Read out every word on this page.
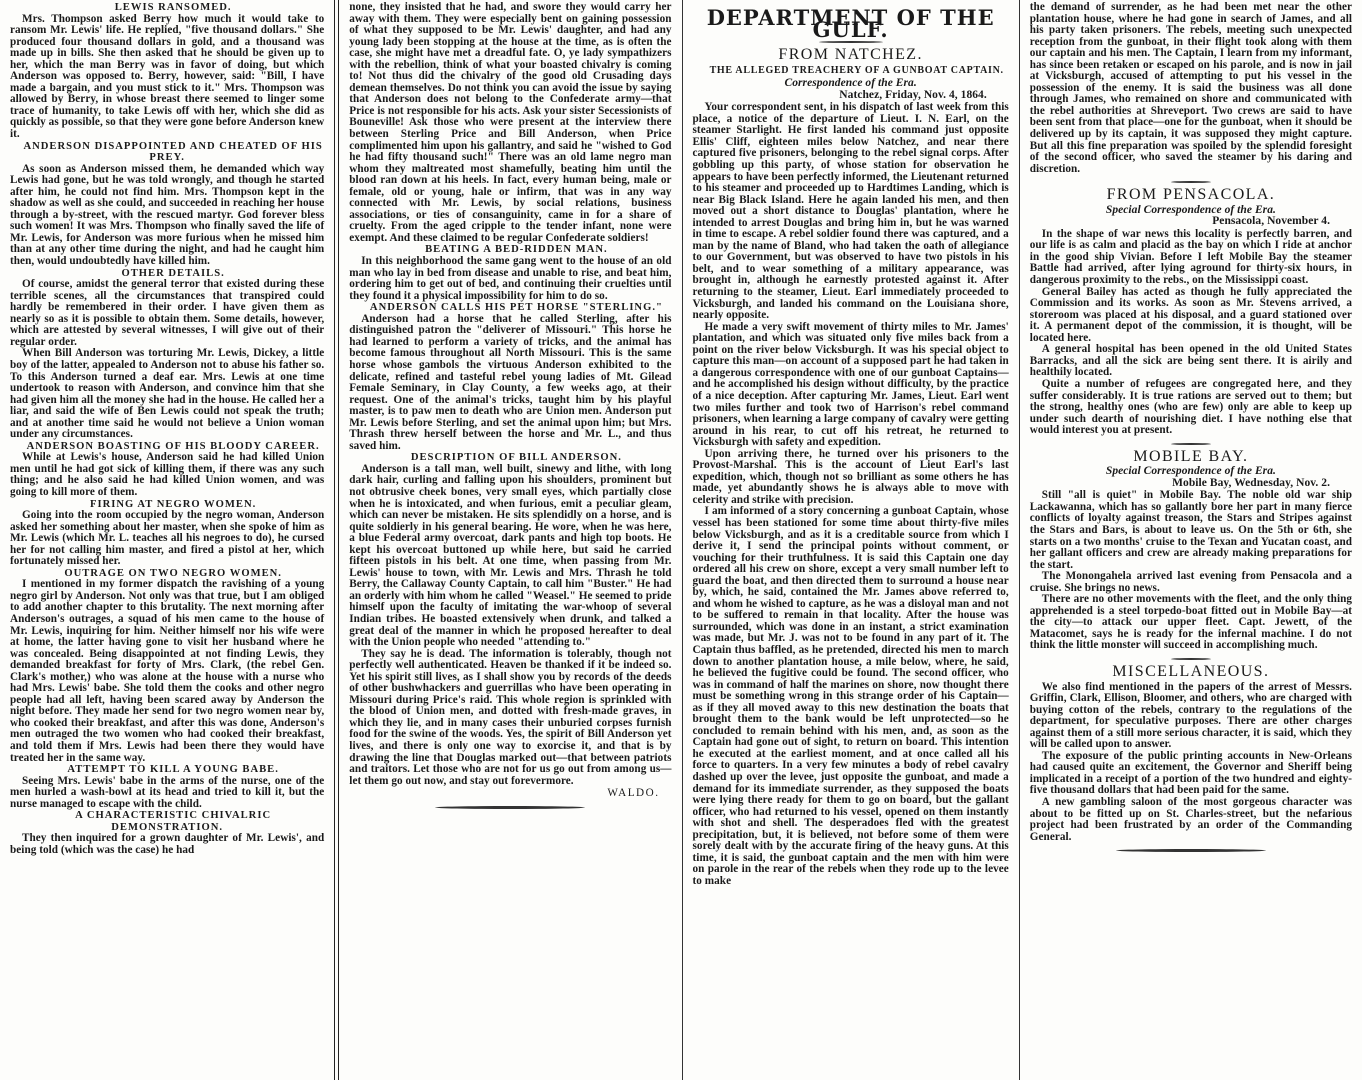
LEWIS RANSOMED.

Mrs. Thompson asked Berry how much it would take to ransom Mr. Lewis' life. He replied, "five thousand dollars." She produced four thousand dollars in gold, and a thousand was made up in bills. She then asked that he should be given up to her, which the man Berry was in favor of doing, but which Anderson was opposed to. Berry, however, said: "Bill, I have made a bargain, and you must stick to it." Mrs. Thompson was allowed by Berry, in whose breast there seemed to linger some trace of humanity, to take Lewis off with her, which she did as quickly as possible, so that they were gone before Anderson knew it.

ANDERSON DISAPPOINTED AND CHEATED OF HIS PREY.

As soon as Anderson missed them, he demanded which way Lewis had gone, but he was told wrongly, and though he started after him, he could not find him. Mrs. Thompson kept in the shadow as well as she could, and succeeded in reaching her house through a by-street, with the rescued martyr. God forever bless such women! It was Mrs. Thompson who finally saved the life of Mr. Lewis, for Anderson was more furious when he missed him than at any other time during the night, and had he caught him then, would undoubtedly have killed him.

OTHER DETAILS.

Of course, amidst the general terror that existed during these terrible scenes, all the circumstances that transpired could hardly be remembered in their order. I have given them as nearly so as it is possible to obtain them. Some details, however, which are attested by several witnesses, I will give out of their regular order.

When Bill Anderson was torturing Mr. Lewis, Dickey, a little boy of the latter, appealed to Anderson not to abuse his father so. To this Anderson turned a deaf ear. Mrs. Lewis at one time undertook to reason with Anderson, and convince him that she had given him all the money she had in the house. He called her a liar, and said the wife of Ben Lewis could not speak the truth; and at another time said he would not believe a Union woman under any circumstances.

ANDERSON BOASTING OF HIS BLOODY CAREER.

While at Lewis's house, Anderson said he had killed Union men until he had got sick of killing them, if there was any such thing; and he also said he had killed Union women, and was going to kill more of them.

FIRING AT NEGRO WOMEN.

Going into the room occupied by the negro woman, Anderson asked her something about her master, when she spoke of him as Mr. Lewis (which Mr. L. teaches all his negroes to do), he cursed her for not calling him master, and fired a pistol at her, which fortunately missed her.

OUTRAGE ON TWO NEGRO WOMEN.

I mentioned in my former dispatch the ravishing of a young negro girl by Anderson. Not only was that true, but I am obliged to add another chapter to this brutality. The next morning after Anderson's outrages, a squad of his men came to the house of Mr. Lewis, inquiring for him. Neither himself nor his wife were at home, the latter having gone to visit her husband where he was concealed. Being disappointed at not finding Lewis, they demanded breakfast for forty of Mrs. Clark, (the rebel Gen. Clark's mother,) who was alone at the house with a nurse who had Mrs. Lewis' babe. She told them the cooks and other negro people had all left, having been scared away by Anderson the night before. They made her send for two negro women near by, who cooked their breakfast, and after this was done, Anderson's men outraged the two women who had cooked their breakfast, and told them if Mrs. Lewis had been there they would have treated her in the same way.

ATTEMPT TO KILL A YOUNG BABE.

Seeing Mrs. Lewis' babe in the arms of the nurse, one of the men hurled a wash-bowl at its head and tried to kill it, but the nurse managed to escape with the child.

A CHARACTERISTIC CHIVALRIC DEMONSTRATION.

They then inquired for a grown daughter of Mr. Lewis', and being told (which was the case) he had

none, they insisted that he had, and swore they would carry her away with them. They were especially bent on gaining possession of what they supposed to be Mr. Lewis' daughter, and had any young lady been stopping at the house at the time, as is often the case, she might have met a dreadful fate. O, ye lady sympathizers with the rebellion, think of what your boasted chivalry is coming to! Not thus did the chivalry of the good old Crusading days demean themselves. Do not think you can avoid the issue by saying that Anderson does not belong to the Confederate army—that Price is not responsible for his acts. Ask your sister Secessionists of Bouneville! Ask those who were present at the interview there between Sterling Price and Bill Anderson, when Price complimented him upon his gallantry, and said he "wished to God he had fifty thousand such!" There was an old lame negro man whom they maltreated most shamefully, beating him until the blood ran down at his heels. In fact, every human being, male or female, old or young, hale or infirm, that was in any way connected with Mr. Lewis, by social relations, business associations, or ties of consanguinity, came in for a share of cruelty. From the aged cripple to the tender infant, none were exempt. And these claimed to be regular Confederate soldiers!

BEATING A BED-RIDDEN MAN.

In this neighborhood the same gang went to the house of an old man who lay in bed from disease and unable to rise, and beat him, ordering him to get out of bed, and continuing their cruelties until they found it a physical impossibility for him to do so.

ANDERSON CALLS HIS PET HORSE "STERLING."

Anderson had a horse that he called Sterling, after his distinguished patron the "deliverer of Missouri." This horse he had learned to perform a variety of tricks, and the animal has become famous throughout all North Missouri. This is the same horse whose gambols the virtuous Anderson exhibited to the delicate, refined and tasteful rebel young ladies of Mt. Gilead Female Seminary, in Clay County, a few weeks ago, at their request. One of the animal's tricks, taught him by his playful master, is to paw men to death who are Union men. Anderson put Mr. Lewis before Sterling, and set the animal upon him; but Mrs. Thrash threw herself between the horse and Mr. L., and thus saved him.

DESCRIPTION OF BILL ANDERSON.

Anderson is a tall man, well built, sinewy and lithe, with long dark hair, curling and falling upon his shoulders, prominent but not obtrusive cheek bones, very small eyes, which partially close when he is intoxicated, and when furious, emit a peculiar gleam, which can never be mistaken. He sits splendidly on a horse, and is quite soldierly in his general bearing. He wore, when he was here, a blue Federal army overcoat, dark pants and high top boots. He kept his overcoat buttoned up while here, but said he carried fifteen pistols in his belt. At one time, when passing from Mr. Lewis' house to town, with Mr. Lewis and Mrs. Thrash he told Berry, the Callaway County Captain, to call him "Buster." He had an orderly with him whom he called "Weasel." He seemed to pride himself upon the faculty of imitating the war-whoop of several Indian tribes. He boasted extensively when drunk, and talked a great deal of the manner in which he proposed hereafter to deal with the Union people who needed "attending to."

They say he is dead. The information is tolerably, though not perfectly well authenticated. Heaven be thanked if it be indeed so. Yet his spirit still lives, as I shall show you by records of the deeds of other bushwhackers and guerrillas who have been operating in Missouri during Price's raid. This whole region is sprinkled with the blood of Union men, and dotted with fresh-made graves, in which they lie, and in many cases their unburied corpses furnish food for the swine of the woods. Yes, the spirit of Bill Anderson yet lives, and there is only one way to exorcise it, and that is by drawing the line that Douglas marked out—that between patriots and traitors. Let those who are not for us go out from among us—let them go out now, and stay out forevermore.

WALDO.
DEPARTMENT OF THE GULF.
FROM NATCHEZ.

THE ALLEGED TREACHERY OF A GUNBOAT CAPTAIN.

Correspondence of the Era.
Natchez, Friday, Nov. 4, 1864.

Your correspondent sent, in his dispatch of last week from this place, a notice of the departure of Lieut. I. N. Earl, on the steamer Starlight. He first landed his command just opposite Ellis' Cliff, eighteen miles below Natchez, and near there captured five prisoners, belonging to the rebel signal corps. After gobbling up this party, of whose station for observation he appears to have been perfectly informed, the Lieutenant returned to his steamer and proceeded up to Hardtimes Landing, which is near Big Black Island. Here he again landed his men, and then moved out a short distance to Douglas' plantation, where he intended to arrest Douglas and bring him in, but he was warned in time to escape. A rebel soldier found there was captured, and a man by the name of Bland, who had taken the oath of allegiance to our Government, but was observed to have two pistols in his belt, and to wear something of a military appearance, was brought in, although he earnestly protested against it. After returning to the steamer, Lieut. Earl immediately proceeded to Vicksburgh, and landed his command on the Louisiana shore, nearly opposite.

He made a very swift movement of thirty miles to Mr. James' plantation, and which was situated only five miles back from a point on the river below Vicksburgh. It was his special object to capture this man—on account of a supposed part he had taken in a dangerous correspondence with one of our gunboat Captains—and he accomplished his design without difficulty, by the practice of a nice deception. After capturing Mr. James, Lieut. Earl went two miles further and took two of Harrison's rebel command prisoners, when learning a large company of cavalry were getting around in his rear, to cut off his retreat, he returned to Vicksburgh with safety and expedition.

Upon arriving there, he turned over his prisoners to the Provost-Marshal. This is the account of Lieut Earl's last expedition, which, though not so brilliant as some others he has made, yet abundantly shows he is always able to move with celerity and strike with precision.

I am informed of a story concerning a gunboat Captain, whose vessel has been stationed for some time about thirty-five miles below Vicksburgh, and as it is a creditable source from which I derive it, I send the principal points without comment, or vouching for their truthfulness. It is said this Captain one day ordered all his crew on shore, except a very small number left to guard the boat, and then directed them to surround a house near by, which, he said, contained the Mr. James above referred to, and whom he wished to capture, as he was a disloyal man and not to be suffered to remain in that locality. After the house was surrounded, which was done in an instant, a strict examination was made, but Mr. J. was not to be found in any part of it. The Captain thus baffled, as he pretended, directed his men to march down to another plantation house, a mile below, where, he said, he believed the fugitive could be found. The second officer, who was in command of half the marines on shore, now thought there must be something wrong in this strange order of his Captain—as if they all moved away to this new destination the boats that brought them to the bank would be left unprotected—so he concluded to remain behind with his men, and, as soon as the Captain had gone out of sight, to return on board. This intention he executed at the earliest moment, and at once called all his force to quarters. In a very few minutes a body of rebel cavalry dashed up over the levee, just opposite the gunboat, and made a demand for its immediate surrender, as they supposed the boats were lying there ready for them to go on board, but the gallant officer, who had returned to his vessel, opened on them instantly with shot and shell. The desperadoes fled with the greatest precipitation, but, it is believed, not before some of them were sorely dealt with by the accurate firing of the heavy guns. At this time, it is said, the gunboat captain and the men with him were on parole in the rear of the rebels when they rode up to the levee to make

the demand of surrender, as he had been met near the other plantation house, where he had gone in search of James, and all his party taken prisoners. The rebels, meeting such unexpected reception from the gunboat, in their flight took along with them our captain and his men. The Captain, I learn from my informant, has since been retaken or escaped on his parole, and is now in jail at Vicksburgh, accused of attempting to put his vessel in the possession of the enemy. It is said the business was all done through James, who remained on shore and communicated with the rebel authorities at Shreveport. Two crews are said to have been sent from that place—one for the gunboat, when it should be delivered up by its captain, it was supposed they might capture. But all this fine preparation was spoiled by the splendid foresight of the second officer, who saved the steamer by his daring and discretion.

FROM PENSACOLA.
Special Correspondence of the Era.
Pensacola, November 4.

In the shape of war news this locality is perfectly barren, and our life is as calm and placid as the bay on which I ride at anchor in the good ship Vivian. Before I left Mobile Bay the steamer Battle had arrived, after lying aground for thirty-six hours, in dangerous proximity to the rebs., on the Mississippi coast.

General Bailey has acted as though he fully appreciated the Commission and its works. As soon as Mr. Stevens arrived, a storeroom was placed at his disposal, and a guard stationed over it. A permanent depot of the commission, it is thought, will be located here.

A general hospital has been opened in the old United States Barracks, and all the sick are being sent there. It is airily and healthily located.

Quite a number of refugees are congregated here, and they suffer considerably. It is true rations are served out to them; but the strong, healthy ones (who are few) only are able to keep up under such dearth of nourishing diet. I have nothing else that would interest you at present.

MOBILE BAY.
Special Correspondence of the Era.
Mobile Bay, Wednesday, Nov. 2.

Still "all is quiet" in Mobile Bay. The noble old war ship Lackawanna, which has so gallantly bore her part in many fierce conflicts of loyalty against treason, the Stars and Stripes against the Stars and Bars, is about to leave us. On the 5th or 6th, she starts on a two months' cruise to the Texan and Yucatan coast, and her gallant officers and crew are already making preparations for the start.

The Monongahela arrived last evening from Pensacola and a cruise. She brings no news.

There are no other movements with the fleet, and the only thing apprehended is a steel torpedo-boat fitted out in Mobile Bay—at the city—to attack our upper fleet. Capt. Jewett, of the Matacomet, says he is ready for the infernal machine. I do not think the little monster will succeed in accomplishing much.

MISCELLANEOUS.

We also find mentioned in the papers of the arrest of Messrs. Griffin, Clark, Ellison, Bloomer, and others, who are charged with buying cotton of the rebels, contrary to the regulations of the department, for speculative purposes. There are other charges against them of a still more serious character, it is said, which they will be called upon to answer.

The exposure of the public printing accounts in New-Orleans had caused quite an excitement, the Governor and Sheriff being implicated in a receipt of a portion of the two hundred and eighty-five thousand dollars that had been paid for the same.

A new gambling saloon of the most gorgeous character was about to be fitted up on St. Charles-street, but the nefarious project had been frustrated by an order of the Commanding General.
